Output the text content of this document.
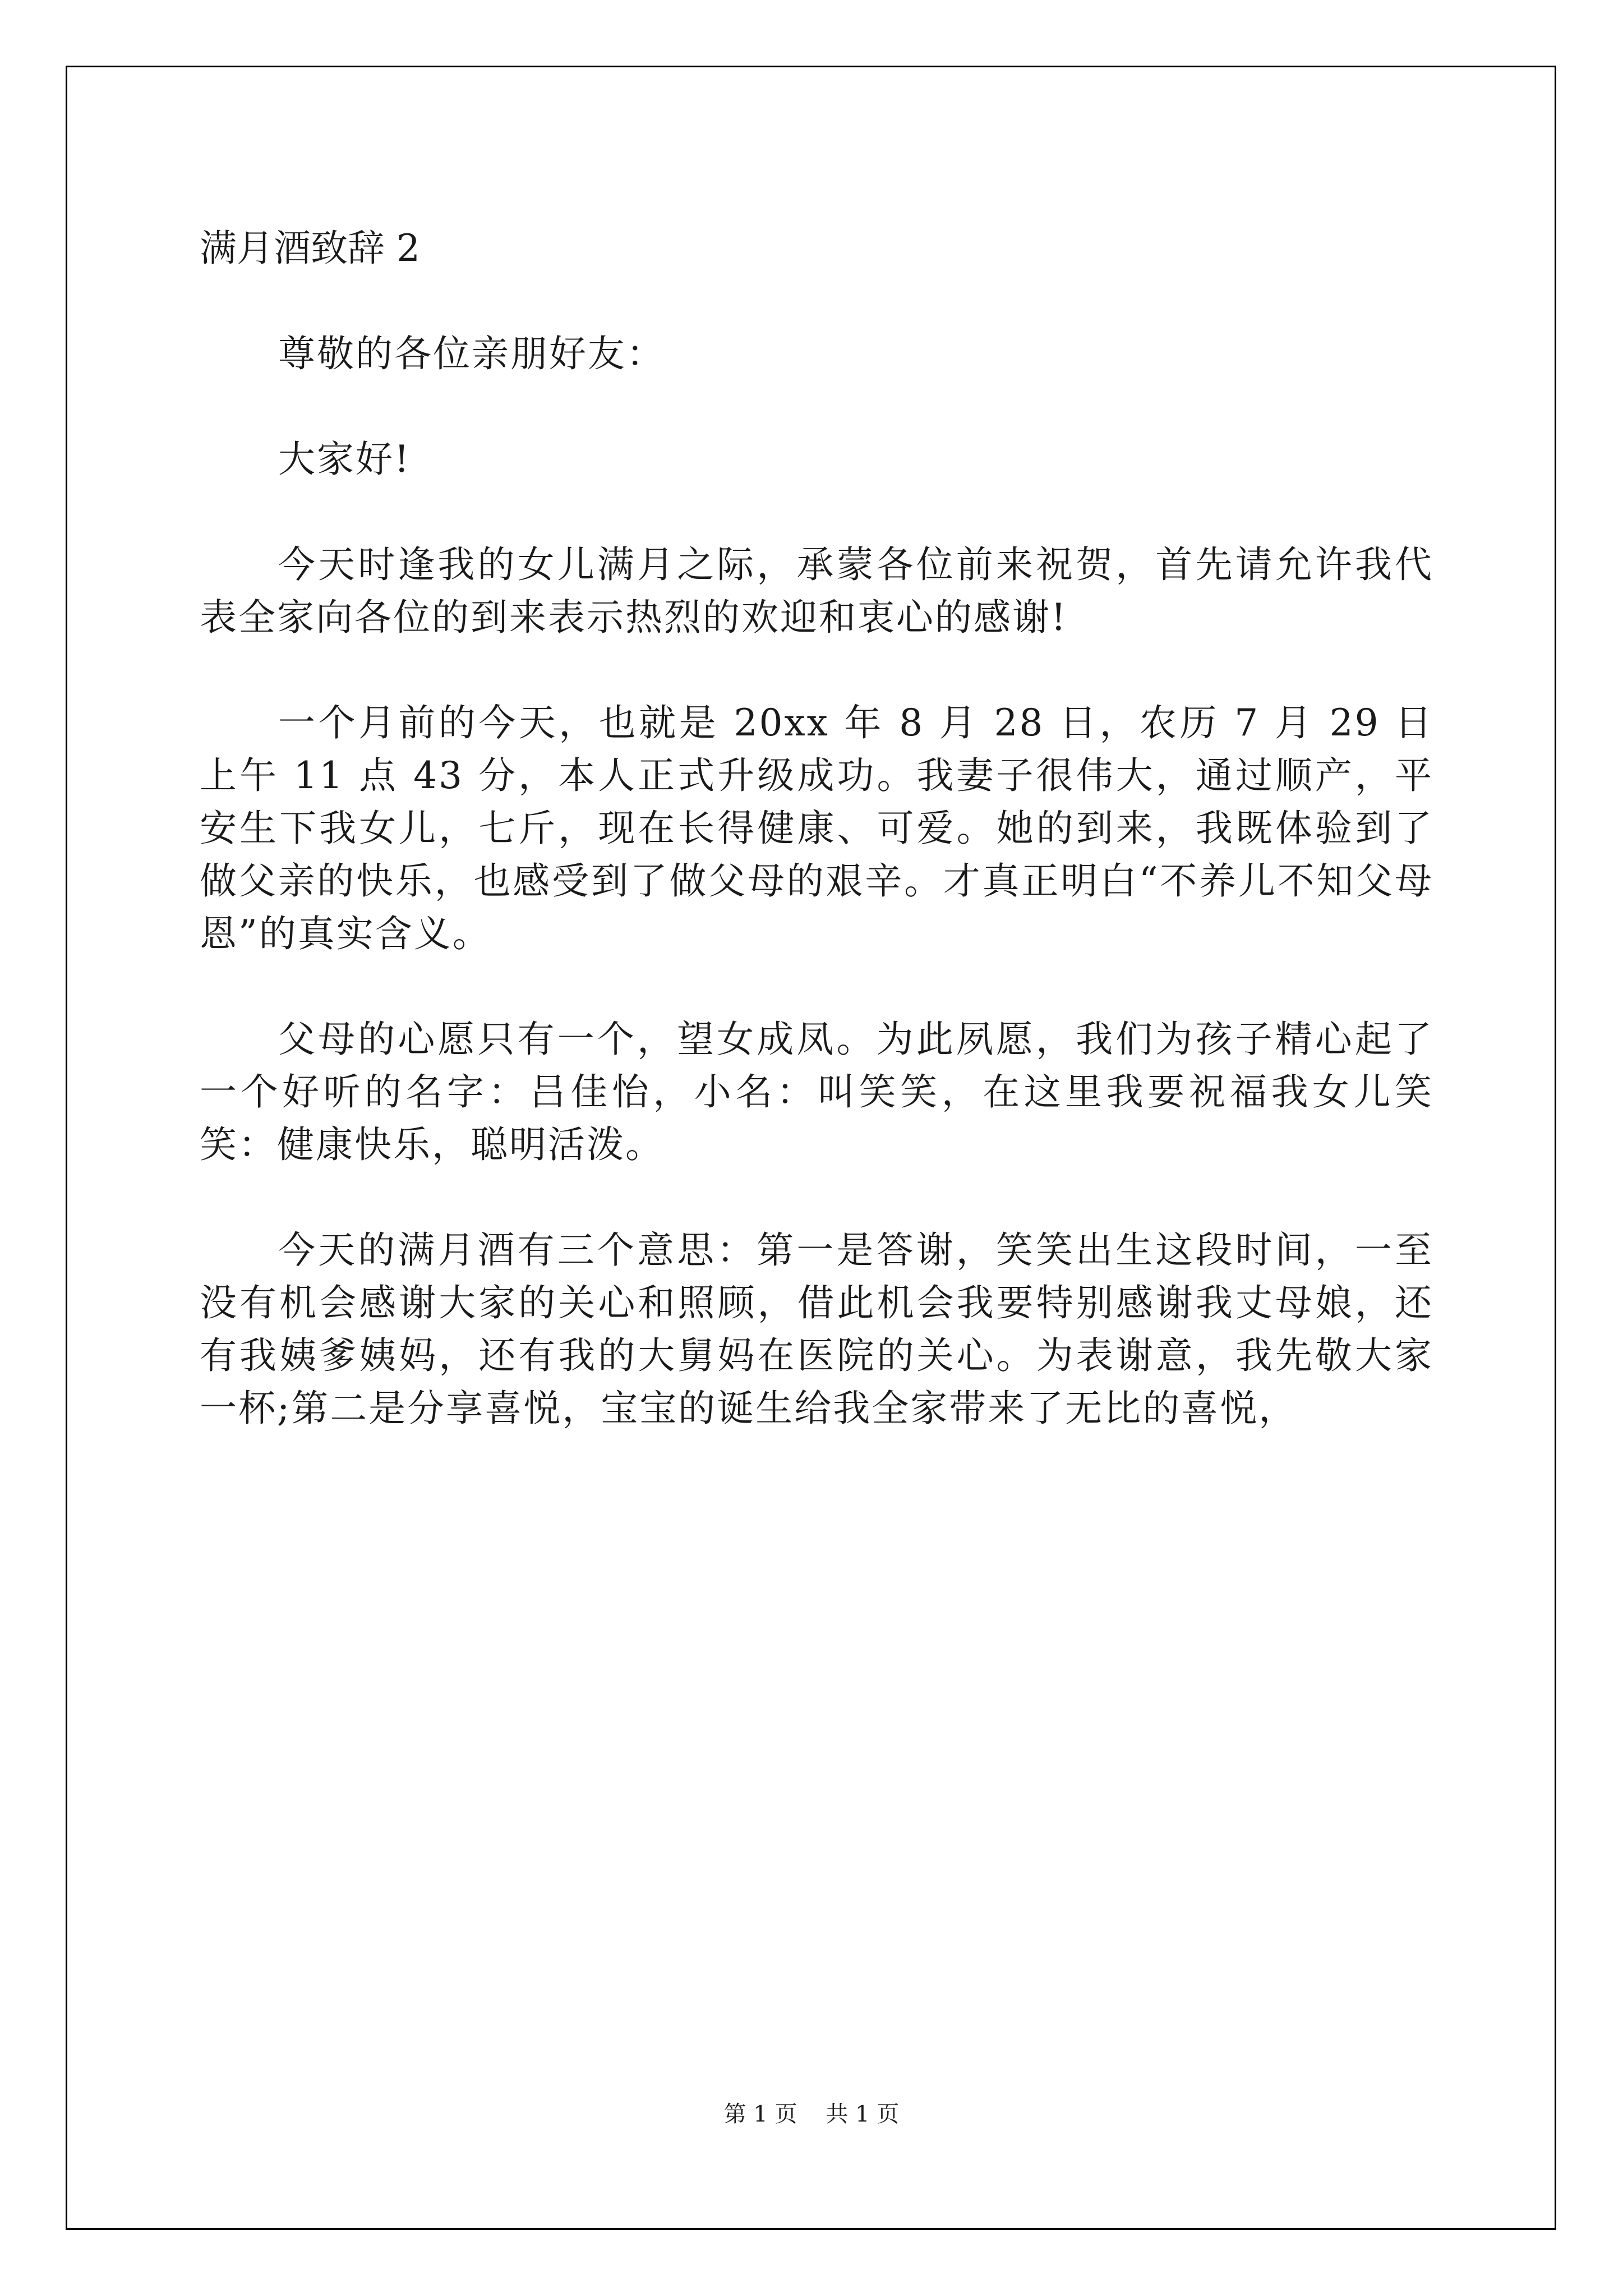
满月酒致辞 2

尊敬的各位亲朋好友：

大家好!

今天时逢我的女儿满月之际，承蒙各位前来祝贺，首先请允许我代表全家向各位的到来表示热烈的欢迎和衷心的感谢!

一个月前的今天，也就是 20xx 年 8 月 28 日，农历 7 月 29 日上午 11 点 43 分，本人正式升级成功。我妻子很伟大，通过顺产，平安生下我女儿，七斤，现在长得健康、可爱。她的到来，我既体验到了做父亲的快乐，也感受到了做父母的艰辛。才真正明白“不养儿不知父母恩”的真实含义。

父母的心愿只有一个，望女成凤。为此夙愿，我们为孩子精心起了一个好听的名字：吕佳怡，小名：叫笑笑，在这里我要祝福我女儿笑笑：健康快乐，聪明活泼。

今天的满月酒有三个意思：第一是答谢，笑笑出生这段时间，一至没有机会感谢大家的关心和照顾，借此机会我要特别感谢我丈母娘，还有我姨爹姨妈，还有我的大舅妈在医院的关心。为表谢意，我先敬大家一杯;第二是分享喜悦，宝宝的诞生给我全家带来了无比的喜悦，

第 1 页    共 1 页
